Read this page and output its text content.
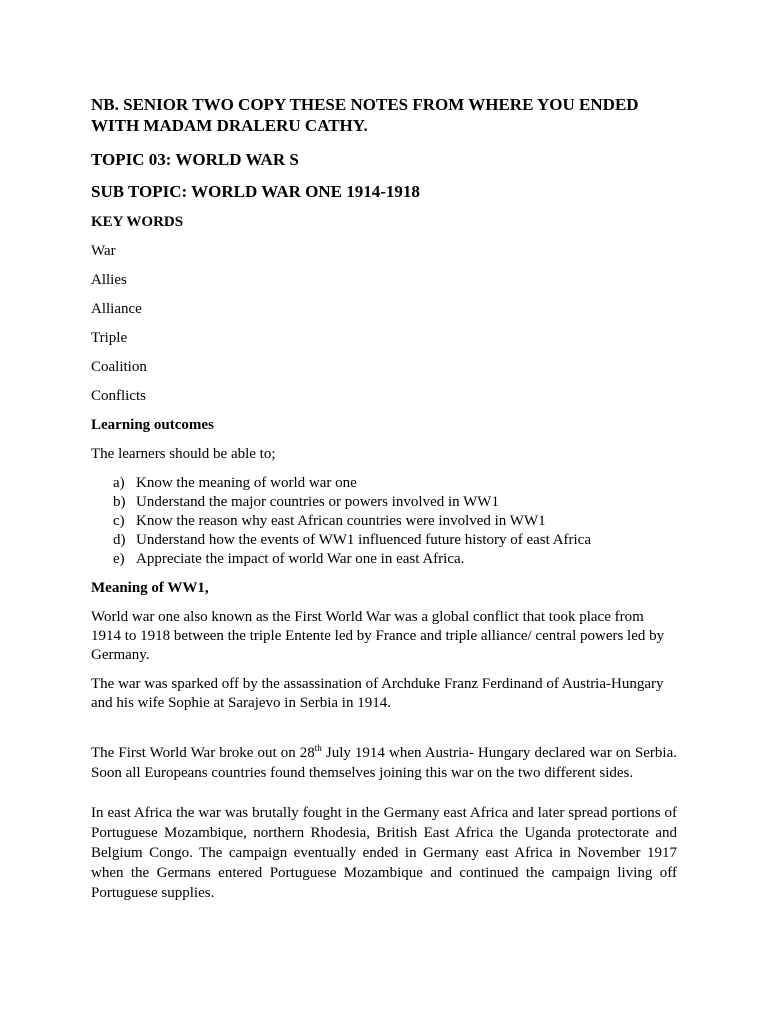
NB. SENIOR TWO COPY THESE NOTES FROM WHERE YOU ENDED WITH MADAM DRALERU CATHY.
TOPIC 03: WORLD WAR S
SUB TOPIC: WORLD WAR ONE 1914-1918
KEY WORDS
War
Allies
Alliance
Triple
Coalition
Conflicts
Learning outcomes
The learners should be able to;
a) Know the meaning of world war one
b) Understand the major countries or powers involved in WW1
c) Know the reason why east African countries were involved in WW1
d) Understand how the events of WW1 influenced future history of east Africa
e) Appreciate the impact of world War one in east Africa.
Meaning of WW1,
World war one also known as the First World War was a global conflict that took place from 1914 to 1918 between the triple Entente led by France and triple alliance/ central powers led by Germany.
The war was sparked off by the assassination of Archduke Franz Ferdinand of Austria-Hungary and his wife Sophie at Sarajevo in Serbia in 1914.

The First World War broke out on 28th July 1914 when Austria- Hungary declared war on Serbia. Soon all Europeans countries found themselves joining this war on the two different sides.

In east Africa the war was brutally fought in the Germany east Africa and later spread portions of Portuguese Mozambique, northern Rhodesia, British East Africa the Uganda protectorate and Belgium Congo. The campaign eventually ended in Germany east Africa in November 1917 when the Germans entered Portuguese Mozambique and continued the campaign living off Portuguese supplies.
